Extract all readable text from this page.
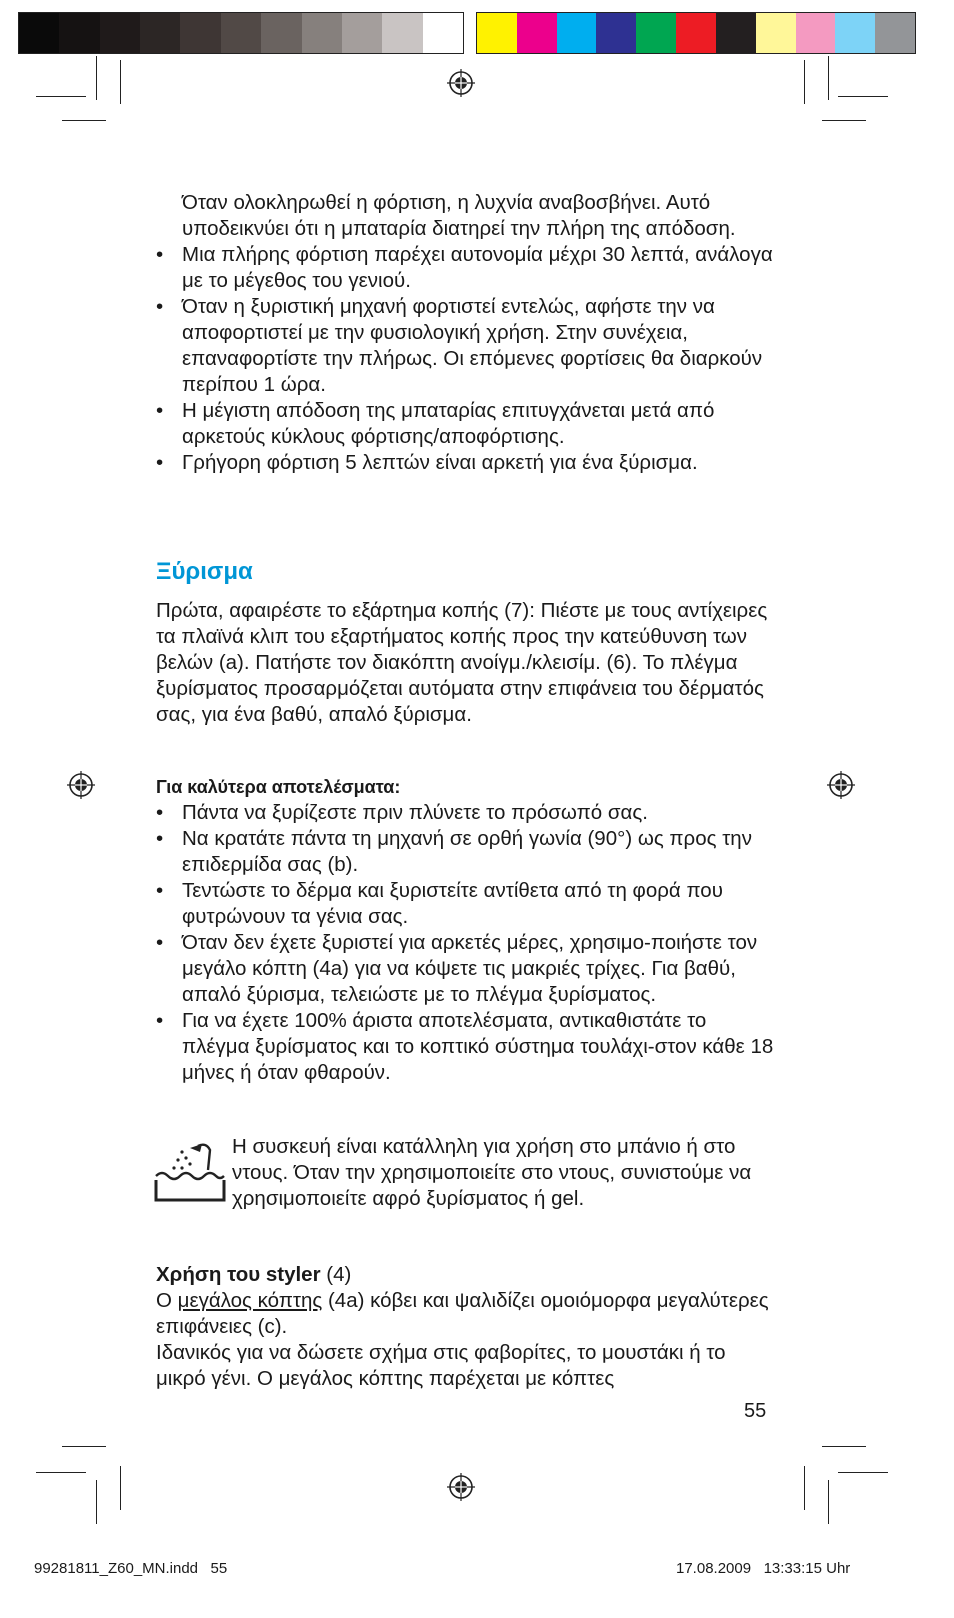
Όταν ολοκληρωθεί η φόρτιση, η λυχνία αναβοσβήνει. Αυτό υποδεικνύει ότι η μπαταρία διατηρεί την πλήρη της απόδοση.

• Μια πλήρης φόρτιση παρέχει αυτονομία μέχρι 30 λεπτά, ανάλογα με το μέγεθος του γενιού.
• Όταν η ξυριστική μηχανή φορτιστεί εντελώς, αφήστε την να αποφορτιστεί με την φυσιολογική χρήση. Στην συνέχεια, επαναφορτίστε την πλήρως. Οι επόμενες φορτίσεις θα διαρκούν περίπου 1 ώρα.
• Η μέγιστη απόδοση της μπαταρίας επιτυγχάνεται μετά από αρκετούς κύκλους φόρτισης/αποφόρτισης.
• Γρήγορη φόρτιση 5 λεπτών είναι αρκετή για ένα ξύρισμα.
Ξύρισμα

Πρώτα, αφαιρέστε το εξάρτημα κοπής (7): Πιέστε με τους αντίχειρες τα πλαϊνά κλιπ του εξαρτήματος κοπής προς την κατεύθυνση των βελών (a). Πατήστε τον διακόπτη ανοίγμ./κλεισίμ. (6). Το πλέγμα ξυρίσματος προσαρμόζεται αυτόματα στην επιφάνεια του δέρματός σας, για ένα βαθύ, απαλό ξύρισμα.

Για καλύτερα αποτελέσματα:

• Πάντα να ξυρίζεστε πριν πλύνετε το πρόσωπό σας.
• Να κρατάτε πάντα τη μηχανή σε ορθή γωνία (90°) ως προς την επιδερμίδα σας (b).
• Τεντώστε το δέρμα και ξυριστείτε αντίθετα από τη φορά που φυτρώνουν τα γένια σας.
• Όταν δεν έχετε ξυριστεί για αρκετές μέρες, χρησιμο-ποιήστε τον μεγάλο κόπτη (4a) για να κόψετε τις μακριές τρίχες. Για βαθύ, απαλό ξύρισμα, τελειώστε με το πλέγμα ξυρίσματος.
• Για να έχετε 100% άριστα αποτελέσματα, αντικαθιστάτε το πλέγμα ξυρίσματος και το κοπτικό σύστημα τουλάχι-στον κάθε 18 μήνες ή όταν φθαρούν.

Η συσκευή είναι κατάλληλη για χρήση στο μπάνιο ή στο ντους. Όταν την χρησιμοποιείτε στο ντους, συνιστούμε να χρησιμοποιείτε αφρό ξυρίσματος ή gel.

Χρήση του styler (4)

Ο μεγάλος κόπτης (4a) κόβει και ψαλιδίζει ομοιόμορφα μεγαλύτερες επιφάνειες (c).

Ιδανικός για να δώσετε σχήμα στις φαβορίτες, το μουστάκι ή το μικρό γένι. Ο μεγάλος κόπτης παρέχεται με κόπτες

55
99281811_Z60_MN.indd   55	17.08.2009   13:33:15 Uhr
